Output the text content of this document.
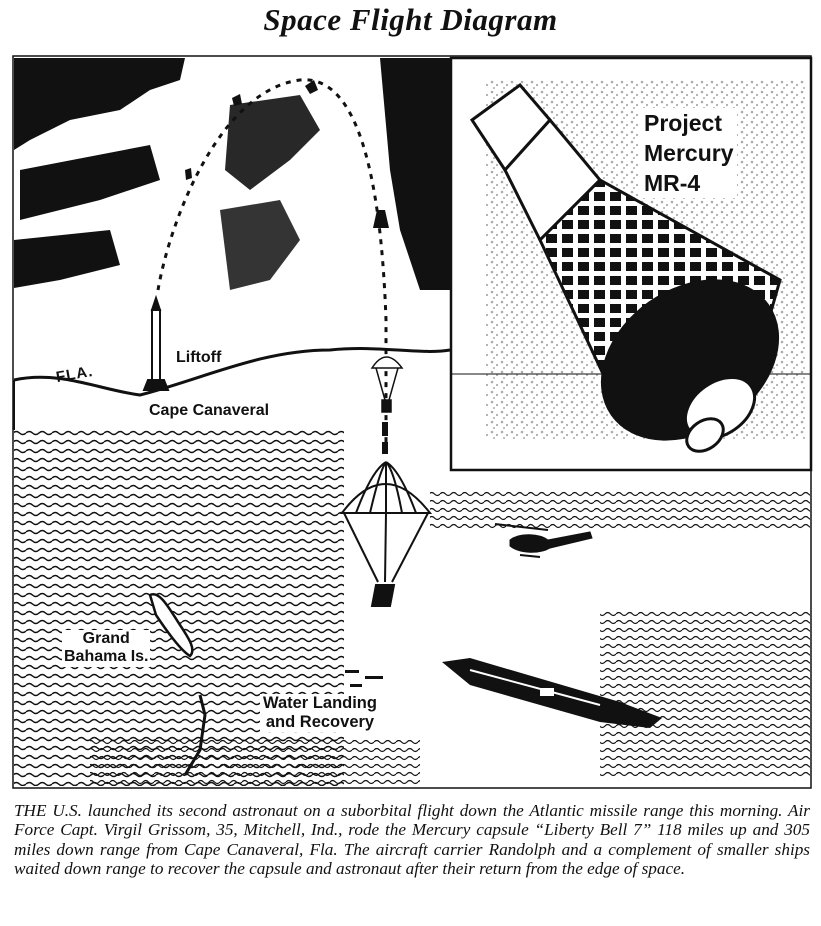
Space Flight Diagram
Liftoff
FLA.
Cape Canaveral
Grand
Bahama Is.
Water Landing
and Recovery
Project
Mercury
MR-4
THE U.S. launched its second astronaut on a suborbital flight down the Atlantic missile range this morning. Air Force Capt. Virgil Grissom, 35, Mitchell, Ind., rode the Mercury capsule “Liberty Bell 7” 118 miles up and 305 miles down range from Cape Canaveral, Fla. The aircraft carrier Randolph and a complement of smaller ships waited down range to recover the capsule and astronaut after their return from the edge of space.
